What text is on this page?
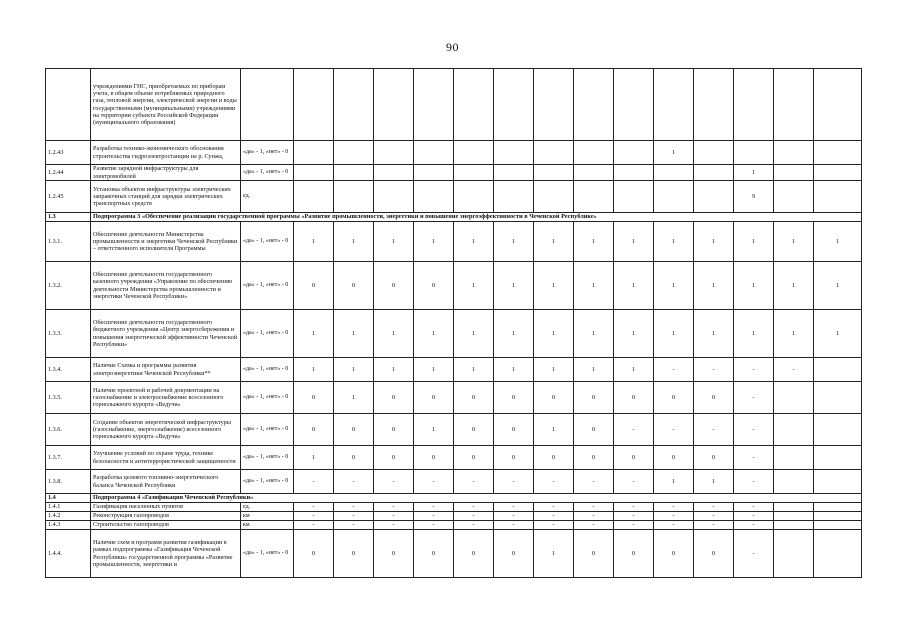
90
	учреждениями ГНС, приобретаемых по приборам учета, в общем объеме потребляемых природного газа, тепловой энергии, электрической энергии и воды государственными (муниципальными) учреждениями на территории субъекта Российской Федерации (муниципального образования)															
1.2.43	Разработка технико-экономического обоснования строительства гидроэлектростанции на р. Сунжа,	«да» - 1, «нет» - 0										1				
1.2.44	Развитие зарядной инфраструктуры для электромобилей	«да» - 1, «нет» - 0												1		
1.2.45	Установка объектов инфраструктуры электрических заправочных станций для зарядки электрических транспортных средств	ед.												9		
1.3	Подпрограмма 3 «Обеспечение реализации государственной программы «Развитие промышленности, энергетики и повышение энергоэффективности в Чеченской Республике»															
1.3.1.	Обеспечение деятельности Министерства промышленности и энергетики Чеченской Республики – ответственного исполнителя Программы	«да» - 1, «нет» - 0	1	1	1	1	1	1	1	1	1	1	1	1	1	1
1.3.2.	Обеспечение деятельности государственного казенного учреждения «Управление по обеспечению деятельности Министерства промышленности и энергетики Чеченской Республики»	«да» - 1, «нет» - 0	0	0	0	0	1	1	1	1	1	1	1	1	1	1
1.3.3.	Обеспечение деятельности государственного бюджетного учреждения «Центр энергосбережения и повышения энергетической эффективности Чеченской Республики»	«да» - 1, «нет» - 0	1	1	1	1	1	1	1	1	1	1	1	1	1	1
1.3.4.	Наличие Схемы и программы развития электроэнергетики Чеченской Республики**	«да» - 1, «нет» - 0	1	1	1	1	1	1	1	1	1	-	-	-	-	
1.3.5.	Наличие проектной и рабочей документации на газоснабжение и электроснабжение всесезонного горнолыжного курорта «Ведучи»	«да» - 1, «нет» - 0	0	1	0	0	0	0	0	0	0	0	0	-		
1.3.6.	Создание объектов энергетической инфраструктуры (газоснабжение, энергоснабжение) всесезонного горнолыжного курорта «Ведучи»	«да» - 1, «нет» - 0	0	0	0	1	0	0	1	0	-	-	-	-		
1.3.7.	Улучшение условий по охране труда, технике безопасности и антитеррористической защищенности	«да» - 1, «нет» - 0	1	0	0	0	0	0	0	0	0	0	0	-		
1.3.8.	Разработка целевого топливно-энергетического баланса Чеченской Республики	«да» - 1, «нет» - 0	-	-	-	-	-	-	-	-	-	1	1	-		
1.4	Подпрограмма 4 «Газификация Чеченской Республики»															
1.4.1	Газификация населенных пунктов	ед.	-	-	-	-	-	-	-	-	-	-	-	-		
1.4.2	Реконструкция газопроводов	км	-	-	-	-	-	-	-	-	-	-	-	-		
1.4.3	Строительство газопроводов	км	-	-	-	-	-	-	-	-	-	-	-	-		
1.4.4.	Наличие схем и программ развития газификации в рамках подпрограммы «Газификация Чеченской Республики» государственной программы «Развитие промышленности, энергетики и	«да» - 1, «нет» - 0	0	0	0	0	0	0	1	0	0	0	0	-		
